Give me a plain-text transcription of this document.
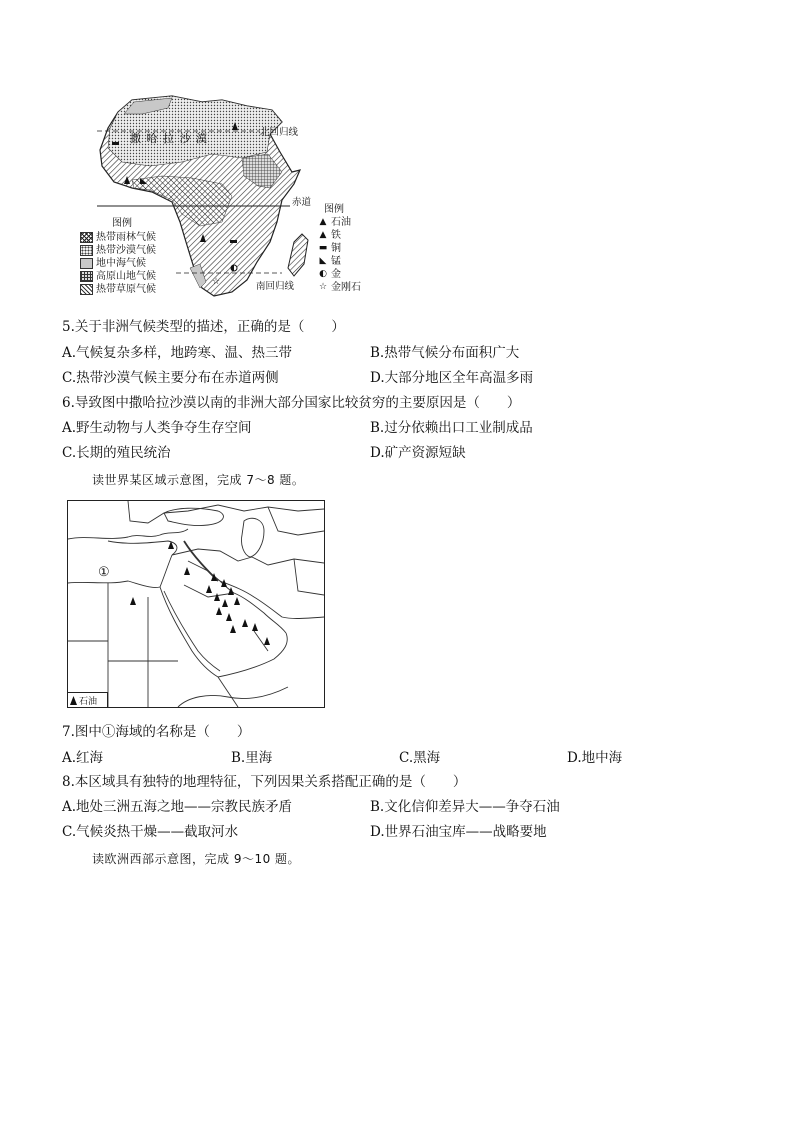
☆
撒 哈 拉 沙 漠	北回归线
赤道
南回归线
图例
热带雨林气候
热带沙漠气候
地中海气候
高原山地气候
热带草原气候
图例
▲ 石油
▲ 铁
▬ 铜
◣ 锰
◐ 金
☆ 金刚石
5.关于非洲气候类型的描述，正确的是（　　）
A.气候复杂多样，地跨寒、温、热三带	B.热带气候分布面积广大
C.热带沙漠气候主要分布在赤道两侧	D.大部分地区全年高温多雨
6.导致图中撒哈拉沙漠以南的非洲大部分国家比较贫穷的主要原因是（　　）
A.野生动物与人类争夺生存空间	B.过分依赖出口工业制成品
C.长期的殖民统治	D.矿产资源短缺
读世界某区域示意图，完成 7～8 题。
①
石油
7.图中①海域的名称是（　　）
A.红海	B.里海	C.黑海	D.地中海
8.本区域具有独特的地理特征，下列因果关系搭配正确的是（　　）
A.地处三洲五海之地——宗教民族矛盾	B.文化信仰差异大——争夺石油
C.气候炎热干燥——截取河水	D.世界石油宝库——战略要地
读欧洲西部示意图，完成 9～10 题。
